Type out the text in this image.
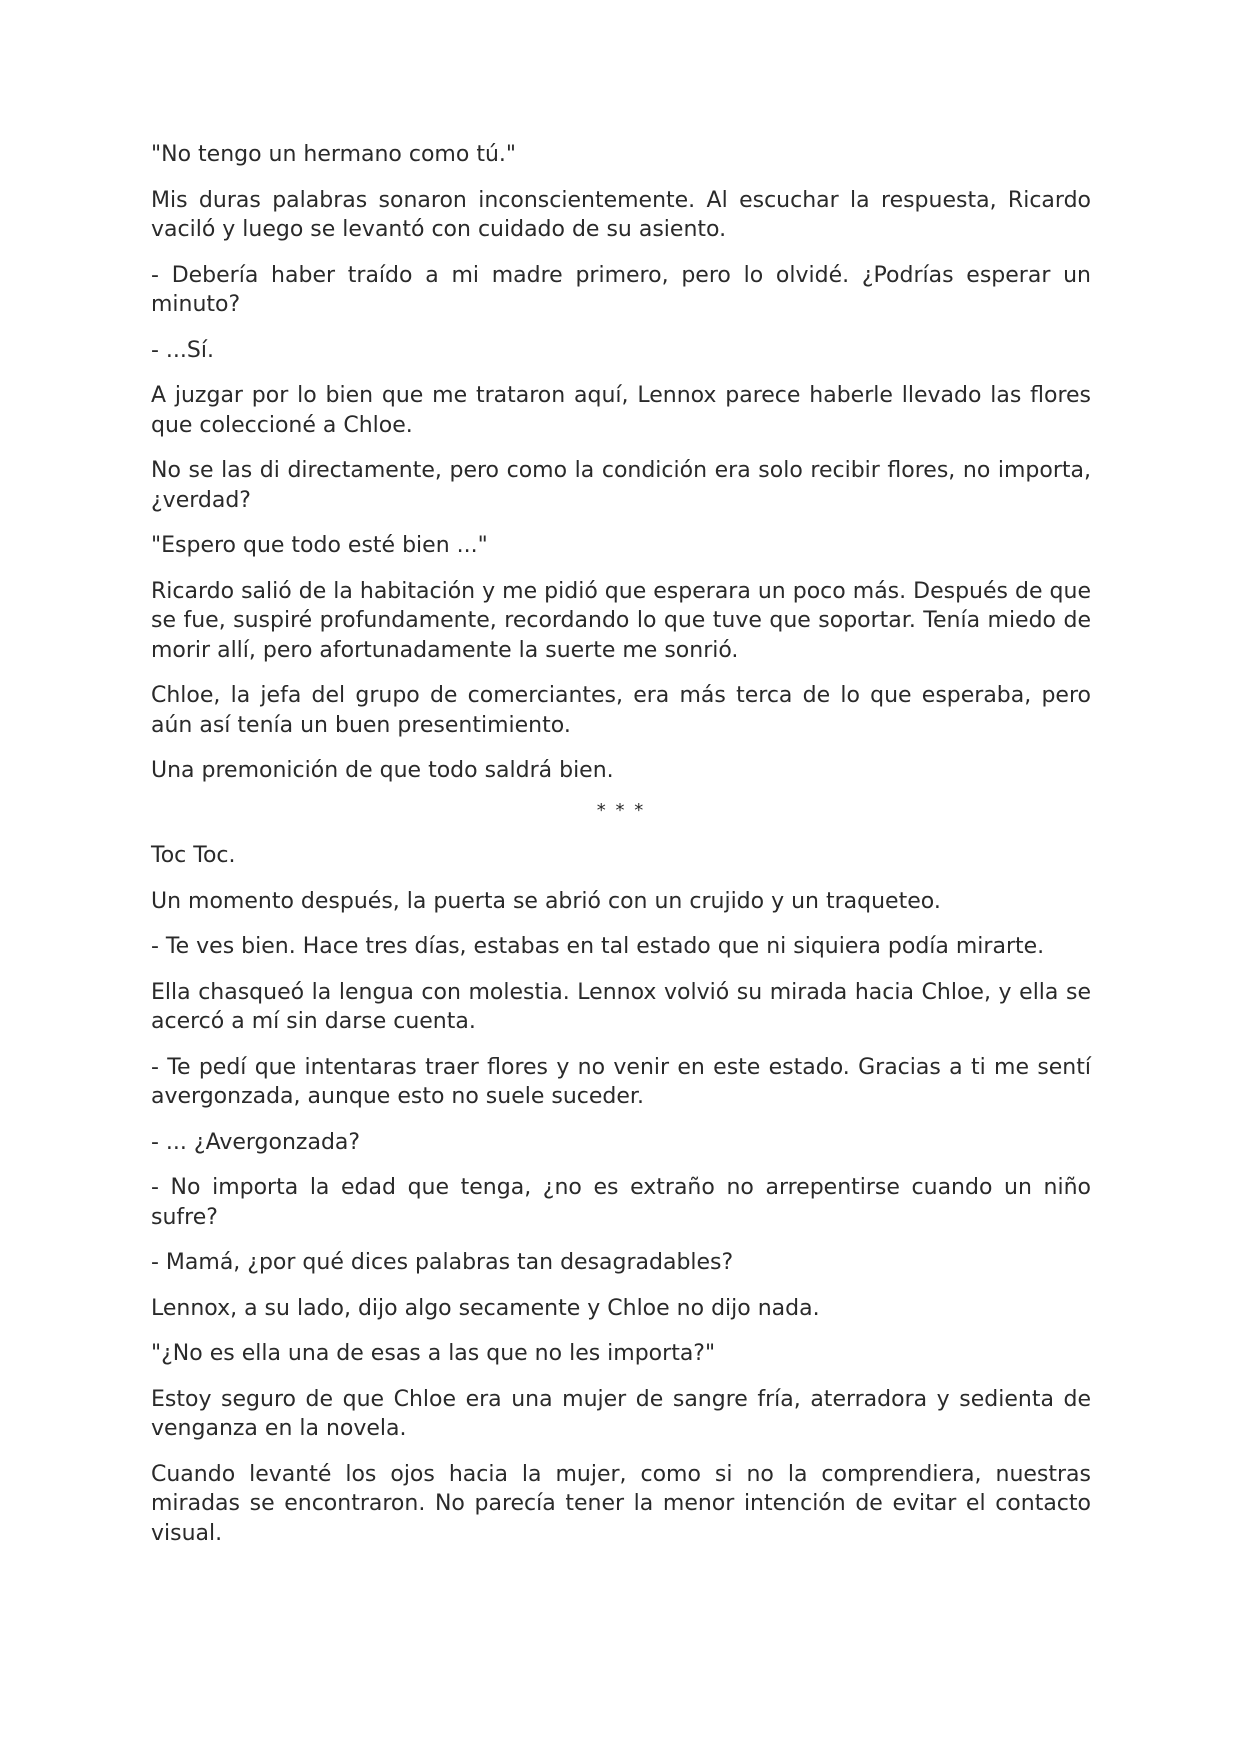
"No tengo un hermano como tú."

Mis duras palabras sonaron inconscientemente. Al escuchar la respuesta, Ricardo vaciló y luego se levantó con cuidado de su asiento.

- Debería haber traído a mi madre primero, pero lo olvidé. ¿Podrías esperar un minuto?

- ...Sí.

A juzgar por lo bien que me trataron aquí, Lennox parece haberle llevado las flores que coleccioné a Chloe.

No se las di directamente, pero como la condición era solo recibir flores, no importa, ¿verdad?

"Espero que todo esté bien ..."

Ricardo salió de la habitación y me pidió que esperara un poco más. Después de que se fue, suspiré profundamente, recordando lo que tuve que soportar. Tenía miedo de morir allí, pero afortunadamente la suerte me sonrió.

Chloe, la jefa del grupo de comerciantes, era más terca de lo que esperaba, pero aún así tenía un buen presentimiento.

Una premonición de que todo saldrá bien.

* * *

Toc Toc.

Un momento después, la puerta se abrió con un crujido y un traqueteo.

- Te ves bien. Hace tres días, estabas en tal estado que ni siquiera podía mirarte.

Ella chasqueó la lengua con molestia. Lennox volvió su mirada hacia Chloe, y ella se acercó a mí sin darse cuenta.

- Te pedí que intentaras traer flores y no venir en este estado. Gracias a ti me sentí avergonzada, aunque esto no suele suceder.

- ... ¿Avergonzada?

- No importa la edad que tenga, ¿no es extraño no arrepentirse cuando un niño sufre?

- Mamá, ¿por qué dices palabras tan desagradables?

Lennox, a su lado, dijo algo secamente y Chloe no dijo nada.

"¿No es ella una de esas a las que no les importa?"

Estoy seguro de que Chloe era una mujer de sangre fría, aterradora y sedienta de venganza en la novela.

Cuando levanté los ojos hacia la mujer, como si no la comprendiera, nuestras miradas se encontraron. No parecía tener la menor intención de evitar el contacto visual.
